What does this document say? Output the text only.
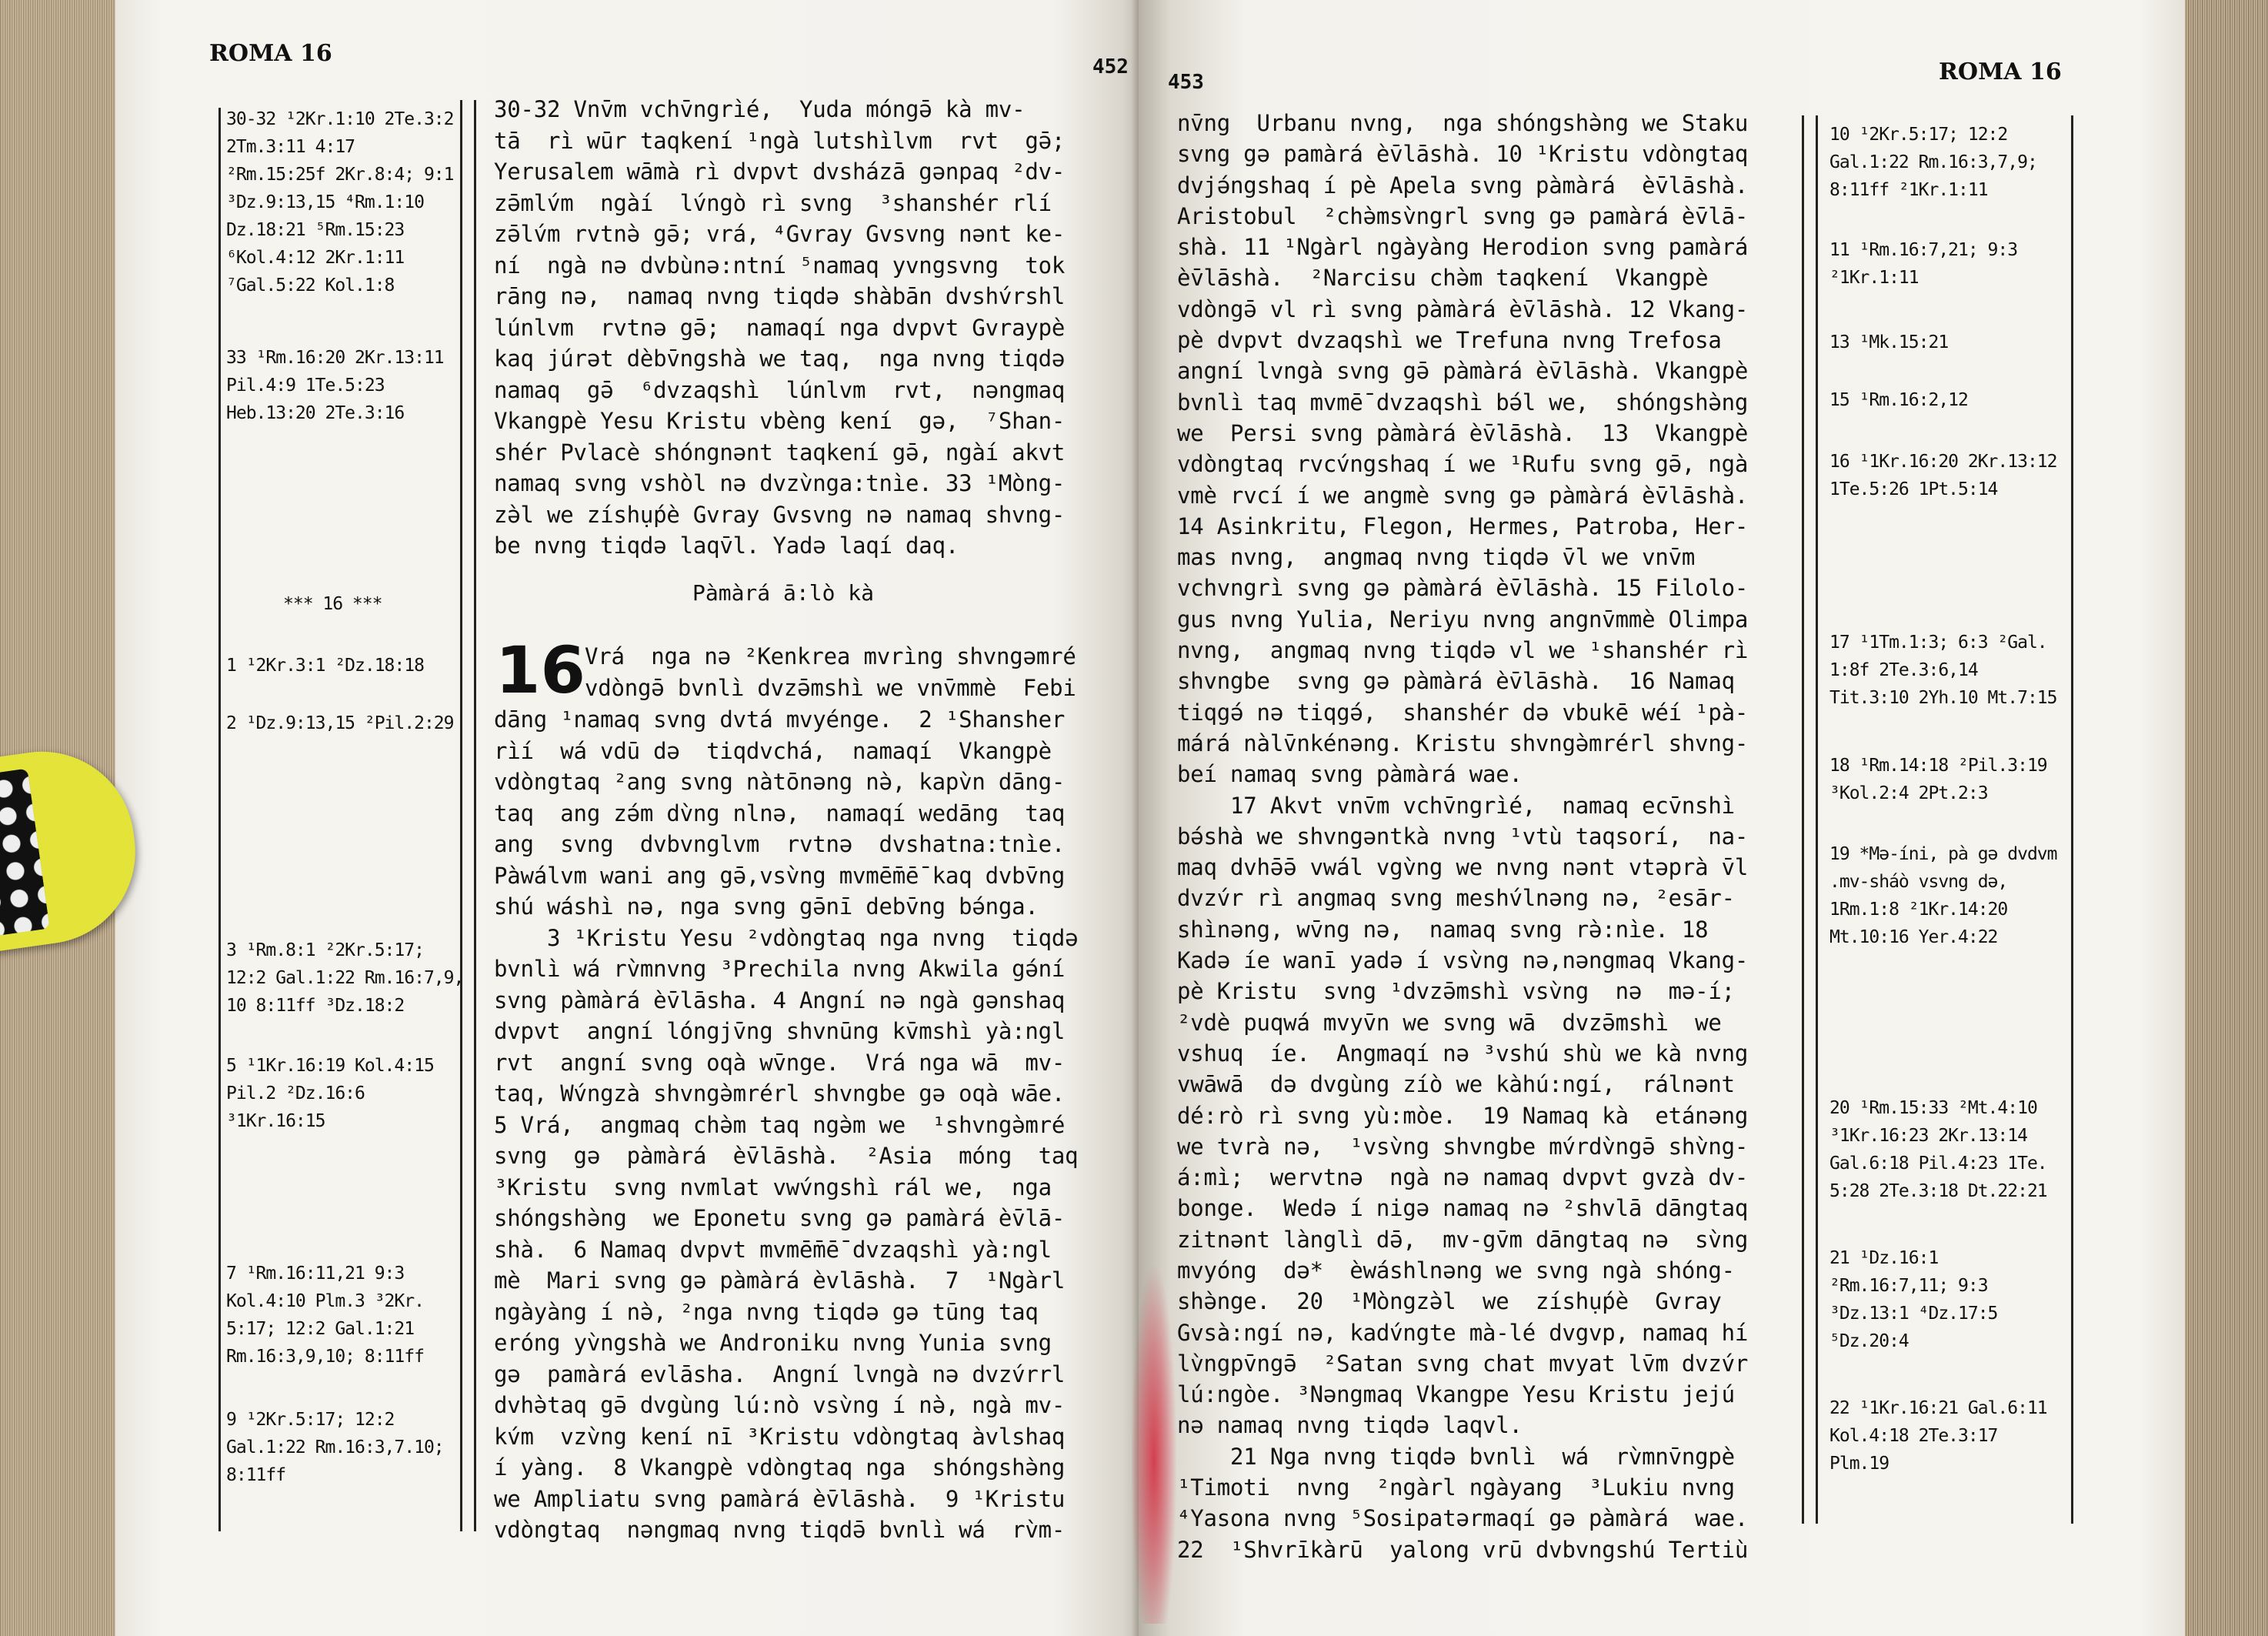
ROMA 16	452
30-32 ¹2Kr.1:10 2Te.3:2
2Tm.3:11 4:17
²Rm.15:25f 2Kr.8:4; 9:1
³Dz.9:13,15 ⁴Rm.1:10
Dz.18:21 ⁵Rm.15:23
⁶Kol.4:12 2Kr.1:11
⁷Gal.5:22 Kol.1:8
33 ¹Rm.16:20 2Kr.13:11
Pil.4:9 1Te.5:23
Heb.13:20 2Te.3:16
*** 16 ***
1 ¹2Kr.3:1 ²Dz.18:18
2 ¹Dz.9:13,15 ²Pil.2:29
3 ¹Rm.8:1 ²2Kr.5:17;
12:2 Gal.1:22 Rm.16:7,9,
10 8:11ff ³Dz.18:2
5 ¹1Kr.16:19 Kol.4:15
Pil.2 ²Dz.16:6
³1Kr.16:15
7 ¹Rm.16:11,21 9:3
Kol.4:10 Plm.3 ³2Kr.
5:17; 12:2 Gal.1:21
Rm.16:3,9,10; 8:11ff
9 ¹2Kr.5:17; 12:2
Gal.1:22 Rm.16:3,7.10;
8:11ff
30-32 Vnv̄m vchv̄ngrìé,  Yuda móngə̄ kà mv-
tā  rì wūr taqkení ¹ngà lutshìlvm  rvt  gə̄;
Yerusalem wāmà rì dvpvt dvsházā gənpaq ²dv-
zə̄mlv́m  ngàí  lv́ngò rì svng  ³shanshér rlí
zə̄lv́m rvtnə̀ gə̄; vrá, ⁴Gvray Gvsvng nənt ke-
ní  ngà nə dvbùnə:ntní ⁵namaq yvngsvng  tok
rāng nə,  namaq nvng tiqdə shàbān dvshv́rshl
lúnlvm  rvtnə gə̄;  namaqí nga dvpvt Gvraypè
kaq júrət dèbv̄ngshà we taq,  nga nvng tiqdə
namaq  gə̄  ⁶dvzaqshì  lúnlvm  rvt,  nəngmaq
Vkangpè Yesu Kristu vbèng kení  gə,  ⁷Shan-
shér Pvlacè shóngnənt taqkení gə̄, ngàí akvt
namaq svng vshòl nə dvzv̀nga:tnìe. 33 ¹Mòng-
zə̀l we zíshụ́pè Gvray Gvsvng nə namaq shvng-
be nvng tiqdə laqv̄l. Yadə laqí daq.
Pàmàrá ā:lò kà
16 Vrá  nga nə ²Kenkrea mvrìng shvngəmré
vdòngə̄ bvnlì dvzə̄mshì we vnv̄mmè  Febi
dāng ¹namaq svng dvtá mvyénge.  2 ¹Shansher
rìí  wá vdū də  tiqdvchá,  namaqí  Vkangpè
vdòngtaq ²ang svng nàtōnəng nə̀, kapv̀n dāng-
taq  ang zə́m dv̀ng nlnə,  namaqí wedāng  taq
ang  svng  dvbvnglvm  rvtnə  dvshatna:tnìe.
Pàwálvm wani ang gə̄,vsv̀ng mvmē̄mē̄ kaq dvbv̄ng
shú wáshì nə, nga svng gə̄nī debv̄ng bə́nga.
3 ¹Kristu Yesu ²vdòngtaq nga nvng  tiqdə
bvnlì wá rv̀mnvng ³Prechila nvng Akwila gə́ní
svng pàmàrá èv̄lāsha. 4 Angní nə ngà gənshaq
dvpvt  angní lóngjv̄ng shvnūng kv̄mshì yà:ngl
rvt  angní svng oqà wv̄nge.  Vrá nga wā  mv-
taq, Wv́ngzà shvngə̀mrérl shvngbe gə oqà wāe.
5 Vrá,  angmaq chə̀m taq ngə̀m we  ¹shvngə̀mré
svng  gə  pàmàrá  èv̄lāshà.  ²Asia  móng  taq
³Kristu  svng nvmlat vwv́ngshì rál we,  nga
shóngshə̀ng  we Eponetu svng gə pamàrá èv̄lā-
shà.  6 Namaq dvpvt mvmē̄mē̄ dvzaqshì yà:ngl
mè  Mari svng gə pàmàrá èvlāshà.  7  ¹Ngàrl
ngàyàng í nə̀, ²nga nvng tiqdə gə tūng taq
eróng yv̀ngshà we Androniku nvng Yunia svng
gə  pamàrá evlāsha.  Angní lvngà nə dvzv́rrl
dvhə̀taq gə̄ dvgùng lú:nò vsv̀ng í nə̀, ngà mv-
kv́m  vzv̀ng kení nī ³Kristu vdòngtaq àvlshaq
í yàng.  8 Vkangpè vdòngtaq nga  shóngshə̀ng
we Ampliatu svng pamàrá èv̄lāshà.  9 ¹Kristu
vdòngtaq  nəngmaq nvng tiqdə̄ bvnlì wá  rv̀m-
453	ROMA 16
nv̄ng  Urbanu nvng,  nga shóngshə̀ng we Staku
svng gə pamàrá èv̄lāshà. 10 ¹Kristu vdòngtaq
dvjə́ngshaq í pè Apela svng pàmàrá  èv̄lāshà.
Aristobul  ²chə̀msv̀ngrl svng gə pamàrá èv̄lā-
shà. 11 ¹Ngàrl ngàyàng Herodion svng pamàrá
èv̄lāshà.  ²Narcisu chə̀m taqkení  Vkangpè
vdòngə̄ vl rì svng pàmàrá èv̄lāshà. 12 Vkang-
pè dvpvt dvzaqshì we Trefuna nvng Trefosa
angní lvngà svng gə̄ pàmàrá èv̄lāshà. Vkangpè
bvnlì taq mvmē̄ dvzaqshì bə́l we,  shóngshə̀ng
we  Persi svng pàmàrá èv̄lāshà.  13  Vkangpè
vdòngtaq rvcv́ngshaq í we ¹Rufu svng gə̄, ngà
vmè rvcí í we angmè svng gə pàmàrá èv̄lāshà.
14 Asinkritu, Flegon, Hermes, Patroba, Her-
mas nvng,  angmaq nvng tiqdə v̄l we vnv̄m
vchvngrì svng gə pàmàrá èv̄lāshà. 15 Filolo-
gus nvng Yulia, Neriyu nvng angnv̄mmè Olimpa
nvng,  angmaq nvng tiqdə vl we ¹shanshér rì
shvngbe  svng gə pàmàrá èv̄lāshà.  16 Namaq
tiqgə́ nə tiqgə́,  shanshér də vbukē wéí ¹pà-
márá nàlv̄nkénəng. Kristu shvngə̀mrérl shvng-
beí namaq svng pàmàrá wae.
17 Akvt vnv̄m vchv̄ngrìé,  namaq ecv̄nshì
bə́shà we shvngəntkà nvng ¹vtù taqsorí,  na-
maq dvhə̄ə̄ vwál vgv̀ng we nvng nənt vtəprà v̄l
dvzv́r rì angmaq svng meshv́lnəng nə, ²esār-
shìnəng, wv̄ng nə,  namaq svng rə̀:nìe. 18
Kadə íe wanī yadə í vsv̀ng nə,nəngmaq Vkang-
pè Kristu  svng ¹dvzə̄mshì vsv̀ng  nə  mə-í;
²vdè puqwá mvyv̄n we svng wā  dvzə̄mshì  we
vshuq  íe.  Angmaqí nə ³vshú shù we kà nvng
vwāwā  də dvgùng zíò we kàhú:ngí,  rálnənt
dé:rò rì svng yù:mòe.  19 Namaq kà  etánəng
we tvrà nə,  ¹vsv̀ng shvngbe mv́rdv̀ngə̄ shv̀ng-
á:mì;  wervtnə  ngà nə namaq dvpvt gvzà dv-
bonge.  Wedə í nigə namaq nə ²shvlā dāngtaq
zitnənt lànglì də̄,  mv-gv̄m dāngtaq nə  sv̀ng
mvyóng  də*  èwáshlnəng we svng ngà shóng-
shə̀nge.  20  ¹Mòngzə̀l  we  zíshụ́pè  Gvray
Gvsà:ngí nə, kadv́ngte mà-lé dvgvp, namaq hí
lv̀ngpv̄ngə̄  ²Satan svng chat mvyat lv̄m dvzv́r
lú:ngòe. ³Nəngmaq Vkangpe Yesu Kristu jejú
nə namaq nvng tiqdə laqvl.
21 Nga nvng tiqdə bvnlì  wá  rv̀mnv̄ngpè
¹Timoti  nvng  ²ngàrl ngàyang  ³Lukiu nvng
⁴Yasona nvng ⁵Sosipatərmaqí gə pàmàrá  wae.
22  ¹Shvrīkàrū  yalong vrū dvbvngshú Tertiù
10 ¹2Kr.5:17; 12:2
Gal.1:22 Rm.16:3,7,9;
8:11ff ²1Kr.1:11
11 ¹Rm.16:7,21; 9:3
²1Kr.1:11
13 ¹Mk.15:21
15 ¹Rm.16:2,12
16 ¹1Kr.16:20 2Kr.13:12
1Te.5:26 1Pt.5:14
17 ¹1Tm.1:3; 6:3 ²Gal.
1:8f 2Te.3:6,14
Tit.3:10 2Yh.10 Mt.7:15
18 ¹Rm.14:18 ²Pil.3:19
³Kol.2:4 2Pt.2:3
19 *Mə-íni, pà gə dvdvm
.mv-sháò vsvng də,
1Rm.1:8 ²1Kr.14:20
Mt.10:16 Yer.4:22
20 ¹Rm.15:33 ²Mt.4:10
³1Kr.16:23 2Kr.13:14
Gal.6:18 Pil.4:23 1Te.
5:28 2Te.3:18 Dt.22:21
21 ¹Dz.16:1
²Rm.16:7,11; 9:3
³Dz.13:1 ⁴Dz.17:5
⁵Dz.20:4
22 ¹1Kr.16:21 Gal.6:11
Kol.4:18 2Te.3:17
Plm.19
